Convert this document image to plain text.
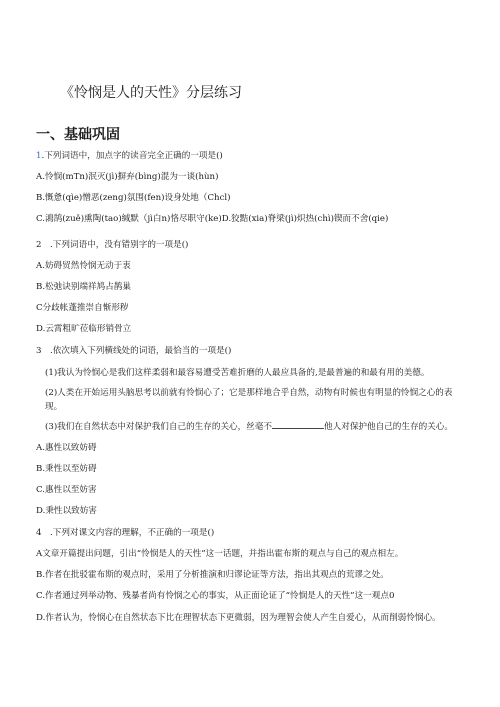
《怜悯是人的天性》分层练习
一、基础巩固
1.下列词语中，加点字的读音完全正确的一项是()
A.怜悯(mTn)泯灭(jì)摒弃(bìng)混为一谈(hùn)
B.慨惫(qìe)憎恶(zeng)氛围(fen)设身处地（Chcl)
C.鴻鹄(zuě)熏陶(tao)缄默（jì白n)恪尽职守(ke)D.狡黠(xia)脊梁(jì)炽热(chì)锲而不舍(qie)
2　.下列词语中，没有错别字的一项是()
A.妨碍贸然怜悯无动于衷
B.松弛诀别端祥鸠占鹊巢
C分歧帐蓬推崇自惭形秽
D.云霄粗旷莅临形销骨立
3　.依次填入下列横线处的词语，最恰当的一项是()
(1)我认为怜悯心是我们这样柔弱和最容易遭受苦难折磨的人最应具备的,是最普遍的和最有用的美德。
(2)人类在开始运用头脑思考以前就有怜悯心了；它是那样地合乎自然，动物有时候也有明显的怜悯之心的表现。
(3)我们在自然状态中对保护我们自己的生存的关心，丝毫不	他人对保护他自己的生存的关心。
A.惠性以致妨碍
B.秉性以至妨碍
C.惠性以至妨害
D.秉性以致妨害
4　.下列对课文内容的理解，不正确的一项是()
A文章开篇提出问题，引出“怜悯是人的天性”这一话题，并指出霍布斯的观点与自己的观点相左。
B.作者在批驳霍布斯的观点时，采用了分析推演和归谬论证等方法，指出其观点的荒谬之处。
C.作者通过列举动物、残暴者尚有怜悯之心的事实，从正面论证了“怜悯是人的天性”这一观点0
D.作者认为，怜悯心在自然状态下比在理智状态下更微弱，因为理智会使人产生自爱心，从而削弱怜悯心。
